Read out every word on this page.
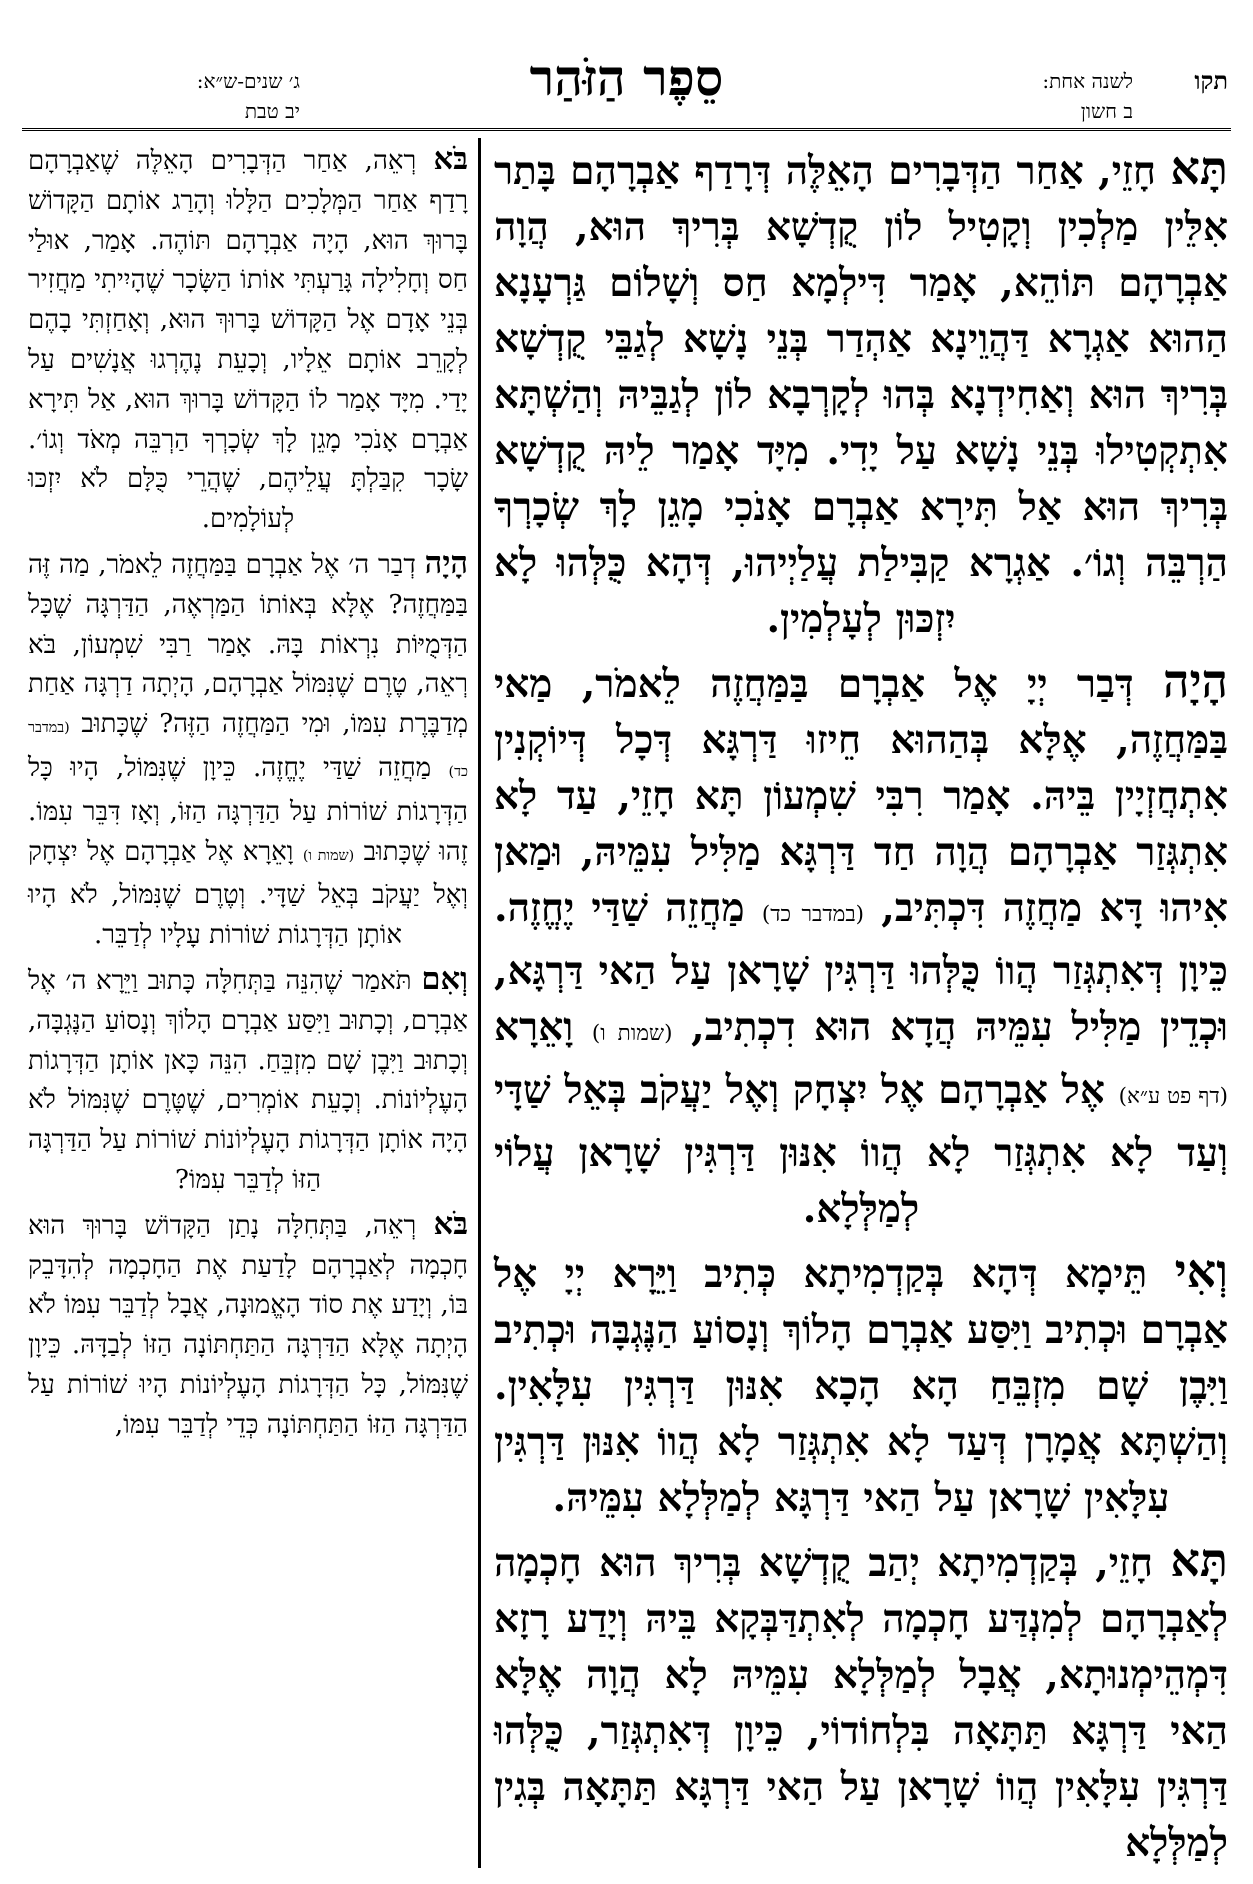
תקו
לשנה אחת:
ב חשון
סֵפֶר הַזֹּהַר
ג׳ שנים-ש״א:
יב טבת

תָּא חָזֵי, אַחַר הַדְּבָרִים הָאֵלֶּה דְּרָדַף אַבְרָהָם בָּתַר אִלֵּין מַלְכִין וְקָטִיל לוֹן קֻדְשָׁא בְּרִיךְ הוּא, הֲוָה אַבְרָהָם תּוֹהֵא, אָמַר דִּילְמָא חַס וְשָׁלוֹם גַּרְעָנָא הַהוּא אַגְרָא דַּהֲוֵינָא אַהְדַר בְּנֵי נָשָׁא לְגַבֵּי קֻדְשָׁא בְּרִיךְ הוּא וְאַחִידְנָא בְּהוּ לְקָרְבָא לוֹן לְגַבֵּיהּ וְהַשְׁתָּא אִתְקְטִילוּ בְּנֵי נָשָׁא עַל יָדִי. מִיָּד אָמַר לֵיהּ קֻדְשָׁא בְּרִיךְ הוּא אַל תִּירָא אַבְרָם אָנֹכִי מָגֵן לָךְ שְׂכָרְךָ הַרְבֵּה וְגוֹ׳. אַגְרָא קַבִּילַת עֲלַיְיהוּ, דְּהָא כֻּלְּהוּ לָא יִזְכּוּן לְעָלְמִין.

הָיָה דְּבַר יְיָ אֶל אַבְרָם בַּמַּחֲזֶה לֵאמֹר, מַאי בַּמַּחֲזֶה, אֶלָּא בְּהַהוּא חֵיזוּ דַּרְגָּא דְּכָל דְּיוֹקְנִין אִתְחֲזְיָין בֵּיהּ. אָמַר רִבִּי שִׁמְעוֹן תָּא חָזֵי, עַד לָא אִתְגְּזַר אַבְרָהָם הֲוָה חַד דַּרְגָּא מַלִּיל עִמֵּיהּ, וּמַאן אִיהוּ דָּא מַחֲזֶה דִּכְתִּיב, (במדבר כד) מַחֲזֵה שַׁדַּי יֶחֱזֶה. כֵּיוָן דְּאִתְגְּזַר הֲווֹ כֻּלְּהוּ דַּרְגִּין שָׁרָאן עַל הַאי דַּרְגָּא, וּכְדֵין מַלִּיל עִמֵּיהּ הֲדָא הוּא דִכְתִיב, (שמות ו) וָאֵרָא (דף פט ע״א) אֶל אַבְרָהָם אֶל יִצְחָק וְאֶל יַעֲקֹב בְּאֵל שַׁדָּי וְעַד לָא אִתְגְּזַר לָא הֲווֹ אִנּוּן דַּרְגִּין שָׁרָאן עֲלוֹי לְמַלְּלָא.

וְאִי תֵּימָא דְּהָא בְּקַדְמִיתָא כְּתִיב וַיֵּרָא יְיָ אֶל אַבְרָם וּכְתִיב וַיִּסַּע אַבְרָם הָלוֹךְ וְנָסוֹעַ הַנֶּגְבָּה וּכְתִיב וַיִּבֶן שָׁם מִזְבֵּחַ הָא הָכָא אִנּוּן דַּרְגִּין עִלָּאִין. וְהַשְׁתָּא אֲמָרָן דְּעַד לָא אִתְגְּזַר לָא הֲווֹ אִנּוּן דַּרְגִּין עִלָּאִין שָׁרָאן עַל הַאי דַּרְגָּא לְמַלְּלָא עִמֵּיהּ.

תָּא חָזֵי, בְּקַדְמִיתָא יְהַב קֻדְשָׁא בְּרִיךְ הוּא חָכְמָה לְאַבְרָהָם לְמִנְדַּע חָכְמָה לְאִתְדַּבְּקָא בֵּיהּ וְיָדַע רָזָא דִּמְהֵימְנוּתָא, אֲבָל לְמַלְּלָא עִמֵּיהּ לָא הֲוָה אֶלָּא הַאי דַּרְגָּא תַּתָּאָה בִּלְחוֹדוֹי, כֵּיוָן דְּאִתְגְּזַר, כֻּלְּהוּ דַּרְגִּין עִלָּאִין הֲווֹ שָׁרָאן עַל הַאי דַּרְגָּא תַּתָּאָה בְּגִין לְמַלְּלָא

בֹּא רְאֵה, אַחַר הַדְּבָרִים הָאֵלֶּה שֶׁאַבְרָהָם רָדַף אַחַר הַמְּלָכִים הַלָּלוּ וְהָרַג אוֹתָם הַקָּדוֹשׁ בָּרוּךְ הוּא, הָיָה אַבְרָהָם תּוֹהֶה. אָמַר, אוּלַי חַס וְחָלִילָה גָּרַעְתִּי אוֹתוֹ הַשָּׂכָר שֶׁהָיִיתִי מַחֲזִיר בְּנֵי אָדָם אֶל הַקָּדוֹשׁ בָּרוּךְ הוּא, וְאָחַזְתִּי בָהֶם לְקָרֵב אוֹתָם אֵלָיו, וְכָעֵת נֶהֶרְגוּ אֲנָשִׁים עַל יָדַי. מִיָּד אָמַר לוֹ הַקָּדוֹשׁ בָּרוּךְ הוּא, אַל תִּירָא אַבְרָם אָנֹכִי מָגֵן לָךְ שְׂכָרְךָ הַרְבֵּה מְאֹד וְגוֹ׳. שָׂכָר קִבַּלְתָּ עֲלֵיהֶם, שֶׁהֲרֵי כֻּלָּם לֹא יִזְכּוּ לְעוֹלָמִים.

הָיָה דְבַר ה׳ אֶל אַבְרָם בַּמַּחֲזֶה לֵאמֹר, מַה זֶּה בַּמַּחֲזֶה? אֶלָּא בְּאוֹתוֹ הַמַּרְאֶה, הַדַּרְגָּה שֶׁכָּל הַדְּמֻיּוֹת נִרְאוֹת בָּהּ. אָמַר רַבִּי שִׁמְעוֹן, בֹּא רְאֵה, טֶרֶם שֶׁנִּמּוֹל אַבְרָהָם, הָיְתָה דַרְגָּה אַחַת מְדַבֶּרֶת עִמּוֹ, וּמִי הַמַּחֲזֶה הַזֶּה? שֶׁכָּתוּב (במדבר כד) מַחֲזֵה שַׁדַּי יֶחֱזֶה. כֵּיוָן שֶׁנִּמּוֹל, הָיוּ כָּל הַדְּרָגוֹת שׁוֹרוֹת עַל הַדַּרְגָּה הַזּוֹ, וְאָז דִּבֵּר עִמּוֹ. זֶהוּ שֶׁכָּתוּב (שמות ו) וָאֵרָא אֶל אַבְרָהָם אֶל יִצְחָק וְאֶל יַעֲקֹב בְּאֵל שַׁדָּי. וְטֶרֶם שֶׁנִּמּוֹל, לֹא הָיוּ אוֹתָן הַדְּרָגוֹת שׁוֹרוֹת עָלָיו לְדַבֵּר.

וְאִם תֹּאמַר שֶׁהִנֵּה בַּתְּחִלָּה כָּתוּב וַיֵּרָא ה׳ אֶל אַבְרָם, וְכָתוּב וַיִּסַּע אַבְרָם הָלוֹךְ וְנָסוֹעַ הַנֶּגְבָּה, וְכָתוּב וַיִּבֶן שָׁם מִזְבֵּחַ. הִנֵּה כָּאן אוֹתָן הַדְּרָגוֹת הָעֶלְיוֹנוֹת. וְכָעֵת אוֹמְרִים, שֶׁטֶּרֶם שֶׁנִּמּוֹל לֹא הָיָה אוֹתָן הַדְּרָגוֹת הָעֶלְיוֹנוֹת שׁוֹרוֹת עַל הַדַּרְגָּה הַזּוֹ לְדַבֵּר עִמּוֹ?

בֹּא רְאֵה, בַּתְּחִלָּה נָתַן הַקָּדוֹשׁ בָּרוּךְ הוּא חָכְמָה לְאַבְרָהָם לָדַעַת אֶת הַחָכְמָה לְהִדָּבֵק בּוֹ, וְיָדַע אֶת סוֹד הָאֱמוּנָה, אֲבָל לְדַבֵּר עִמּוֹ לֹא הָיְתָה אֶלָּא הַדַּרְגָּה הַתַּחְתּוֹנָה הַזּוֹ לְבַדָּהּ. כֵּיוָן שֶׁנִּמּוֹל, כָּל הַדְּרָגוֹת הָעֶלְיוֹנוֹת הָיוּ שׁוֹרוֹת עַל הַדַּרְגָּה הַזּוֹ הַתַּחְתּוֹנָה כְּדֵי לְדַבֵּר עִמּוֹ,
